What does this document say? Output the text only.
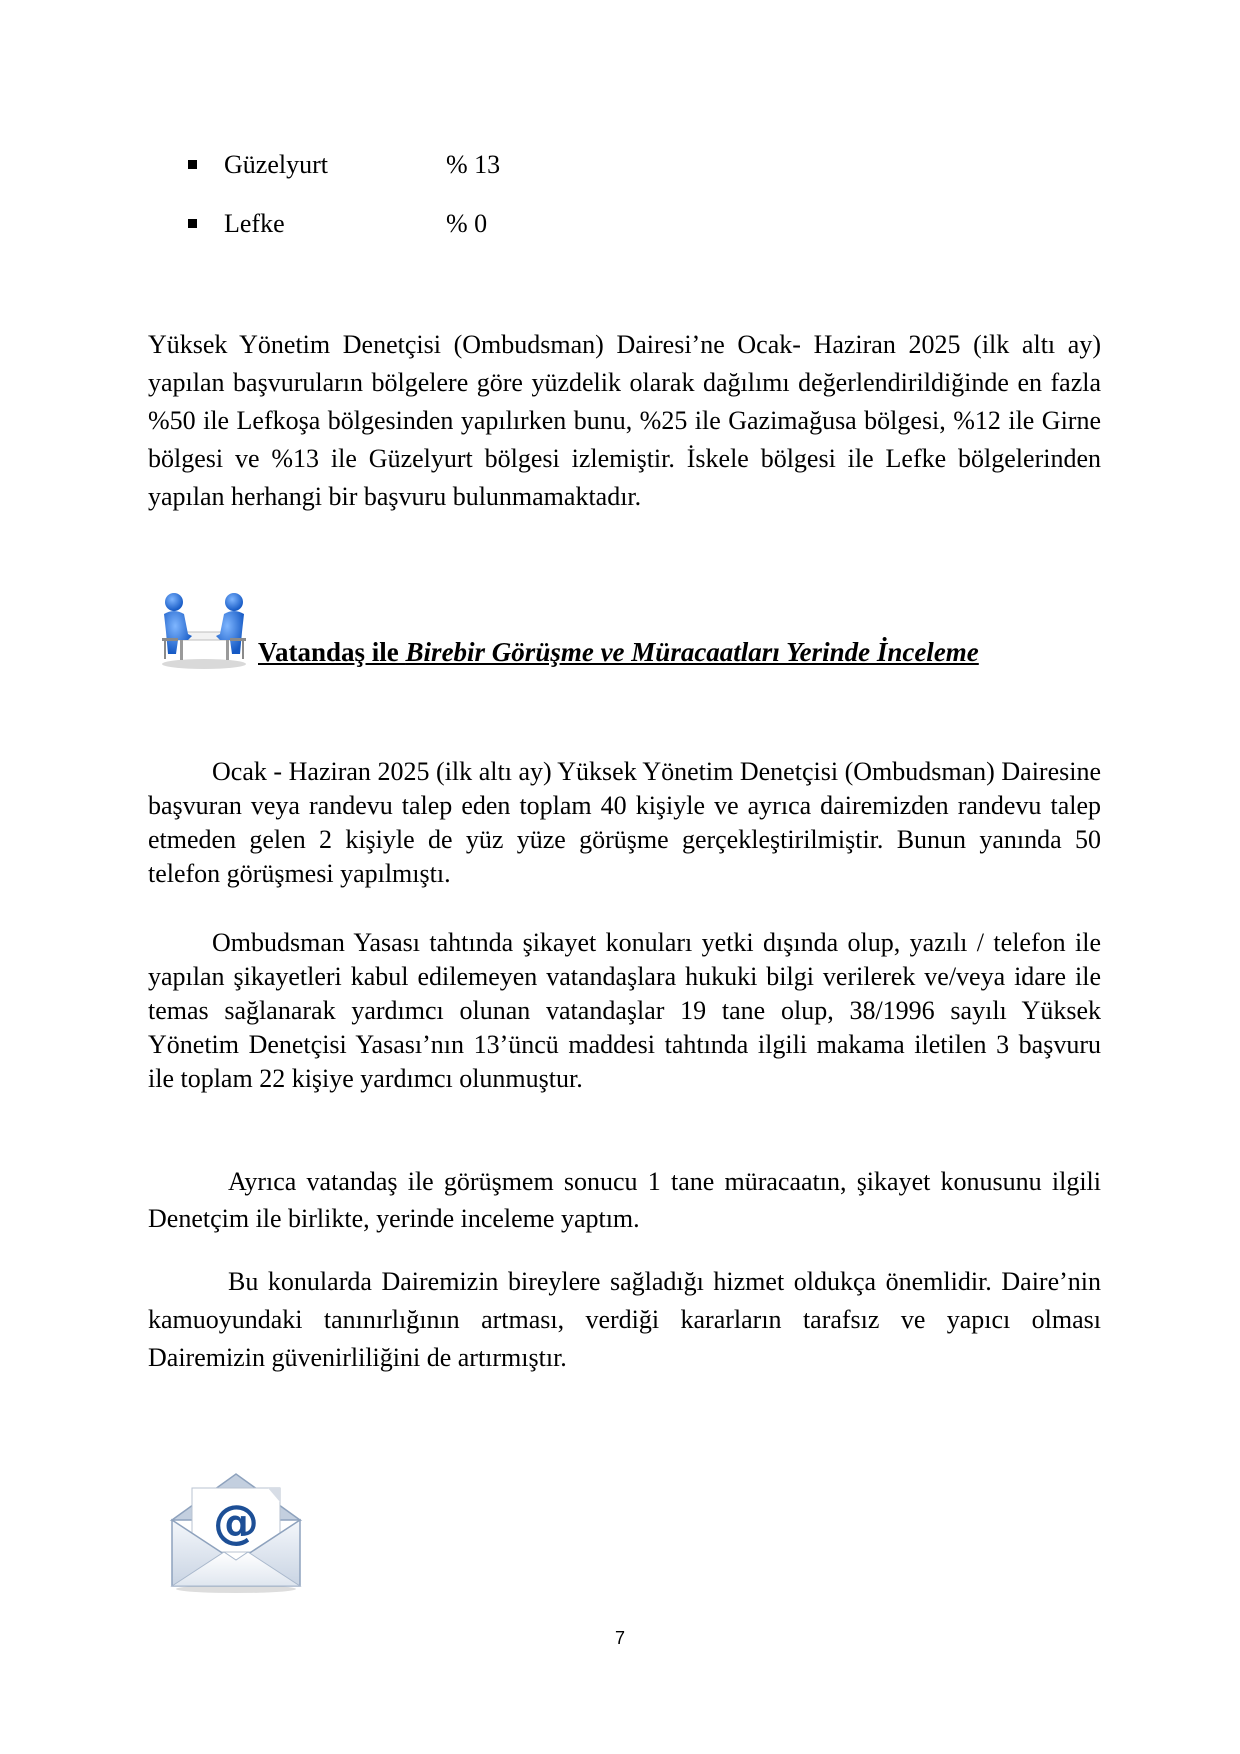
Güzelyurt	% 13
Lefke	% 0

Yüksek Yönetim Denetçisi (Ombudsman) Dairesi’ne Ocak- Haziran 2025 (ilk altı ay) yapılan başvuruların bölgelere göre yüzdelik olarak dağılımı değerlendirildiğinde en fazla %50 ile Lefkoşa bölgesinden yapılırken bunu, %25 ile Gazimağusa bölgesi, %12 ile Girne bölgesi ve %13 ile Güzelyurt bölgesi izlemiştir. İskele bölgesi ile Lefke bölgelerinden yapılan herhangi bir başvuru bulunmamaktadır.

Vatandaş ile Birebir Görüşme ve Müracaatları Yerinde İnceleme

Ocak - Haziran 2025 (ilk altı ay) Yüksek Yönetim Denetçisi (Ombudsman) Dairesine başvuran veya randevu talep eden toplam 40 kişiyle ve ayrıca dairemizden randevu talep etmeden gelen 2 kişiyle de yüz yüze görüşme gerçekleştirilmiştir. Bunun yanında 50 telefon görüşmesi yapılmıştı.

Ombudsman Yasası tahtında şikayet konuları yetki dışında olup, yazılı / telefon ile yapılan şikayetleri kabul edilemeyen vatandaşlara hukuki bilgi verilerek ve/veya idare ile temas sağlanarak yardımcı olunan vatandaşlar 19 tane olup, 38/1996 sayılı Yüksek Yönetim Denetçisi Yasası’nın 13’üncü maddesi tahtında ilgili makama iletilen 3 başvuru ile toplam 22 kişiye yardımcı olunmuştur.

Ayrıca vatandaş ile görüşmem sonucu 1 tane müracaatın, şikayet konusunu ilgili Denetçim ile birlikte, yerinde inceleme yaptım.

Bu konularda Dairemizin bireylere sağladığı hizmet oldukça önemlidir. Daire’nin kamuoyundaki tanınırlığının artması, verdiği kararların tarafsız ve yapıcı olması Dairemizin güvenirliliğini de artırmıştır.

@
7
